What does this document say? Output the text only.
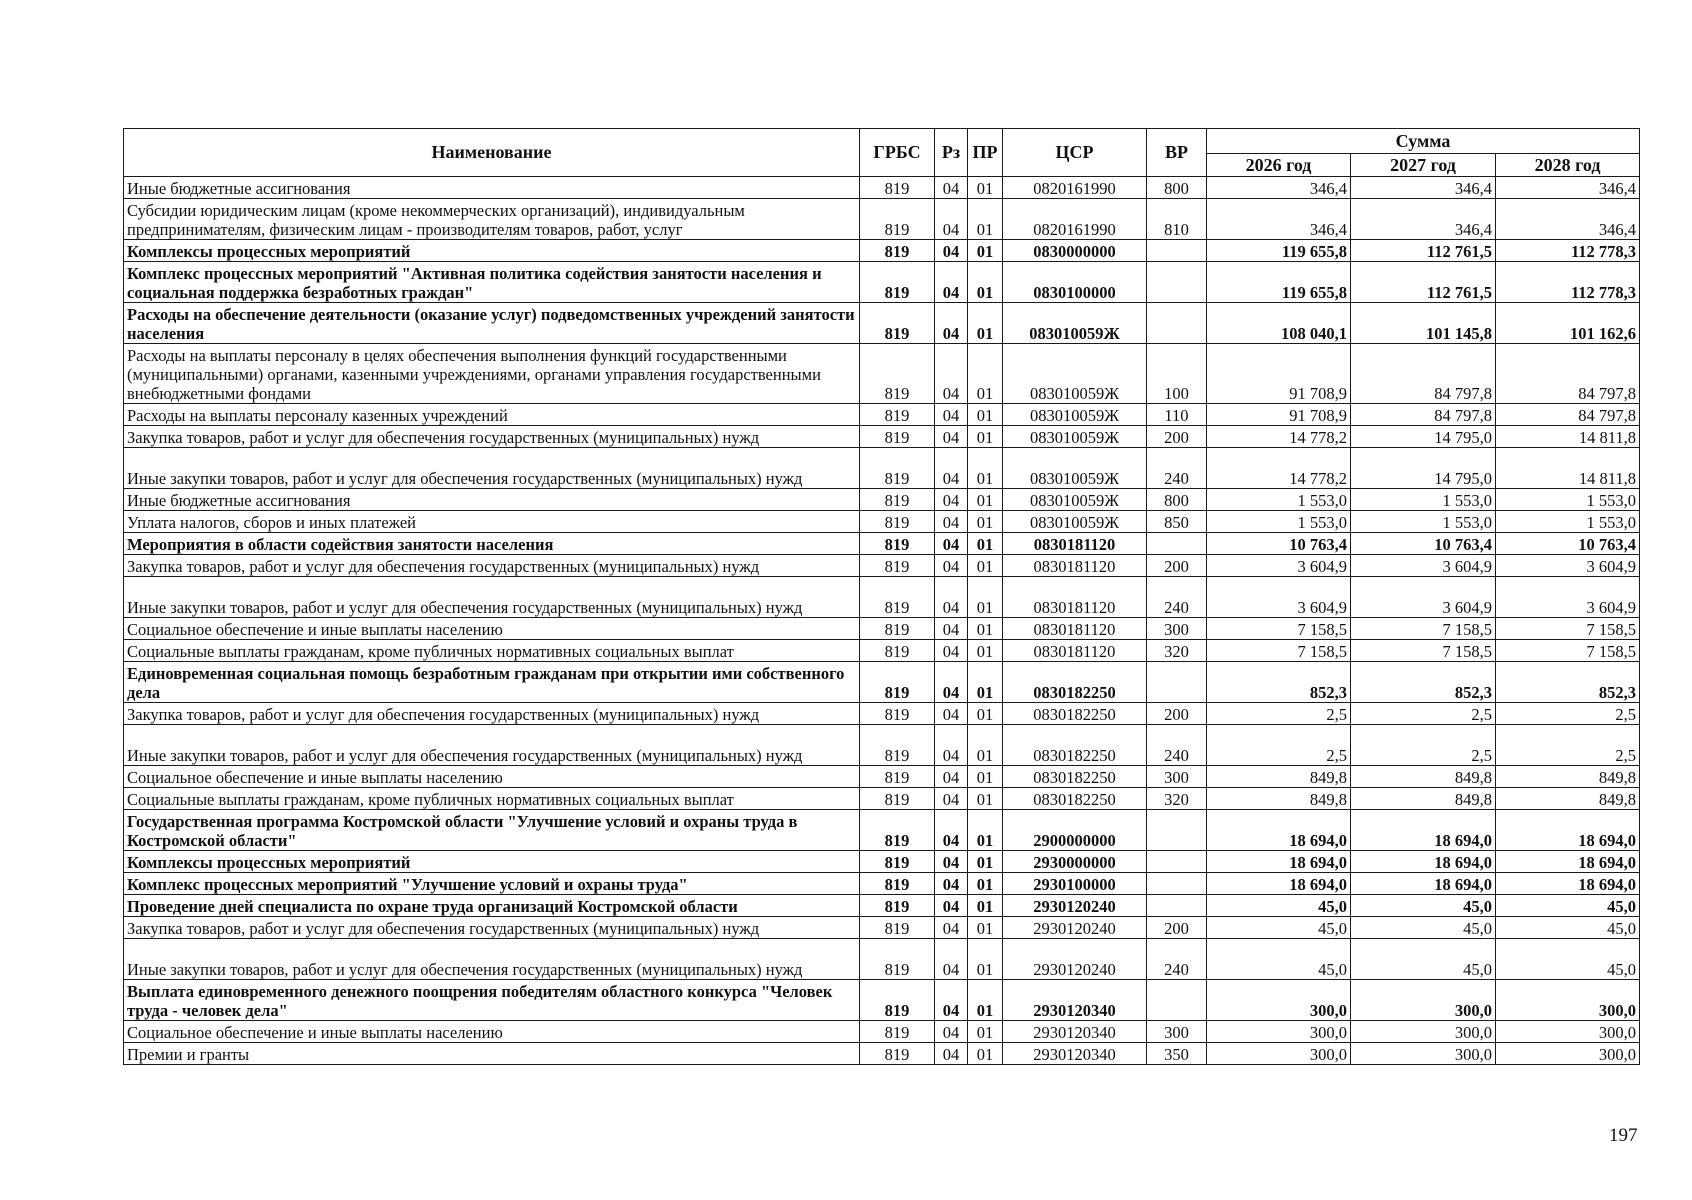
Наименование	ГРБС	Рз	ПР	ЦСР	ВР	Сумма		
						2026 год	2027 год	2028 год
Иные бюджетные ассигнования	819	04	01	0820161990	800	346,4	346,4	346,4
Субсидии юридическим лицам (кроме некоммерческих организаций), индивидуальным предпринимателям, физическим лицам - производителям товаров, работ, услуг	819	04	01	0820161990	810	346,4	346,4	346,4
Комплексы процессных мероприятий	819	04	01	0830000000		119 655,8	112 761,5	112 778,3
Комплекс процессных мероприятий "Активная политика содействия занятости населения и социальная поддержка безработных граждан"	819	04	01	0830100000		119 655,8	112 761,5	112 778,3
Расходы на обеспечение деятельности (оказание услуг) подведомственных учреждений занятости населения	819	04	01	083010059Ж		108 040,1	101 145,8	101 162,6
Расходы на выплаты персоналу в целях обеспечения выполнения функций государственными (муниципальными) органами, казенными учреждениями, органами управления государственными внебюджетными фондами	819	04	01	083010059Ж	100	91 708,9	84 797,8	84 797,8
Расходы на выплаты персоналу казенных учреждений	819	04	01	083010059Ж	110	91 708,9	84 797,8	84 797,8
Закупка товаров, работ и услуг для обеспечения государственных (муниципальных) нужд	819	04	01	083010059Ж	200	14 778,2	14 795,0	14 811,8
Иные закупки товаров, работ и услуг для обеспечения государственных (муниципальных) нужд	819	04	01	083010059Ж	240	14 778,2	14 795,0	14 811,8
Иные бюджетные ассигнования	819	04	01	083010059Ж	800	1 553,0	1 553,0	1 553,0
Уплата налогов, сборов и иных платежей	819	04	01	083010059Ж	850	1 553,0	1 553,0	1 553,0
Мероприятия в области содействия занятости населения	819	04	01	0830181120		10 763,4	10 763,4	10 763,4
Закупка товаров, работ и услуг для обеспечения государственных (муниципальных) нужд	819	04	01	0830181120	200	3 604,9	3 604,9	3 604,9
Иные закупки товаров, работ и услуг для обеспечения государственных (муниципальных) нужд	819	04	01	0830181120	240	3 604,9	3 604,9	3 604,9
Социальное обеспечение и иные выплаты населению	819	04	01	0830181120	300	7 158,5	7 158,5	7 158,5
Социальные выплаты гражданам, кроме публичных нормативных социальных выплат	819	04	01	0830181120	320	7 158,5	7 158,5	7 158,5
Единовременная социальная помощь безработным гражданам при открытии ими собственного дела	819	04	01	0830182250		852,3	852,3	852,3
Закупка товаров, работ и услуг для обеспечения государственных (муниципальных) нужд	819	04	01	0830182250	200	2,5	2,5	2,5
Иные закупки товаров, работ и услуг для обеспечения государственных (муниципальных) нужд	819	04	01	0830182250	240	2,5	2,5	2,5
Социальное обеспечение и иные выплаты населению	819	04	01	0830182250	300	849,8	849,8	849,8
Социальные выплаты гражданам, кроме публичных нормативных социальных выплат	819	04	01	0830182250	320	849,8	849,8	849,8
Государственная программа Костромской области "Улучшение условий и охраны труда в Костромской области"	819	04	01	2900000000		18 694,0	18 694,0	18 694,0
Комплексы процессных мероприятий	819	04	01	2930000000		18 694,0	18 694,0	18 694,0
Комплекс процессных мероприятий "Улучшение условий и охраны труда"	819	04	01	2930100000		18 694,0	18 694,0	18 694,0
Проведение дней специалиста по охране труда организаций Костромской области	819	04	01	2930120240		45,0	45,0	45,0
Закупка товаров, работ и услуг для обеспечения государственных (муниципальных) нужд	819	04	01	2930120240	200	45,0	45,0	45,0
Иные закупки товаров, работ и услуг для обеспечения государственных (муниципальных) нужд	819	04	01	2930120240	240	45,0	45,0	45,0
Выплата единовременного денежного поощрения победителям областного конкурса "Человек труда - человек дела"	819	04	01	2930120340		300,0	300,0	300,0
Социальное обеспечение и иные выплаты населению	819	04	01	2930120340	300	300,0	300,0	300,0
Премии и гранты	819	04	01	2930120340	350	300,0	300,0	300,0
197
